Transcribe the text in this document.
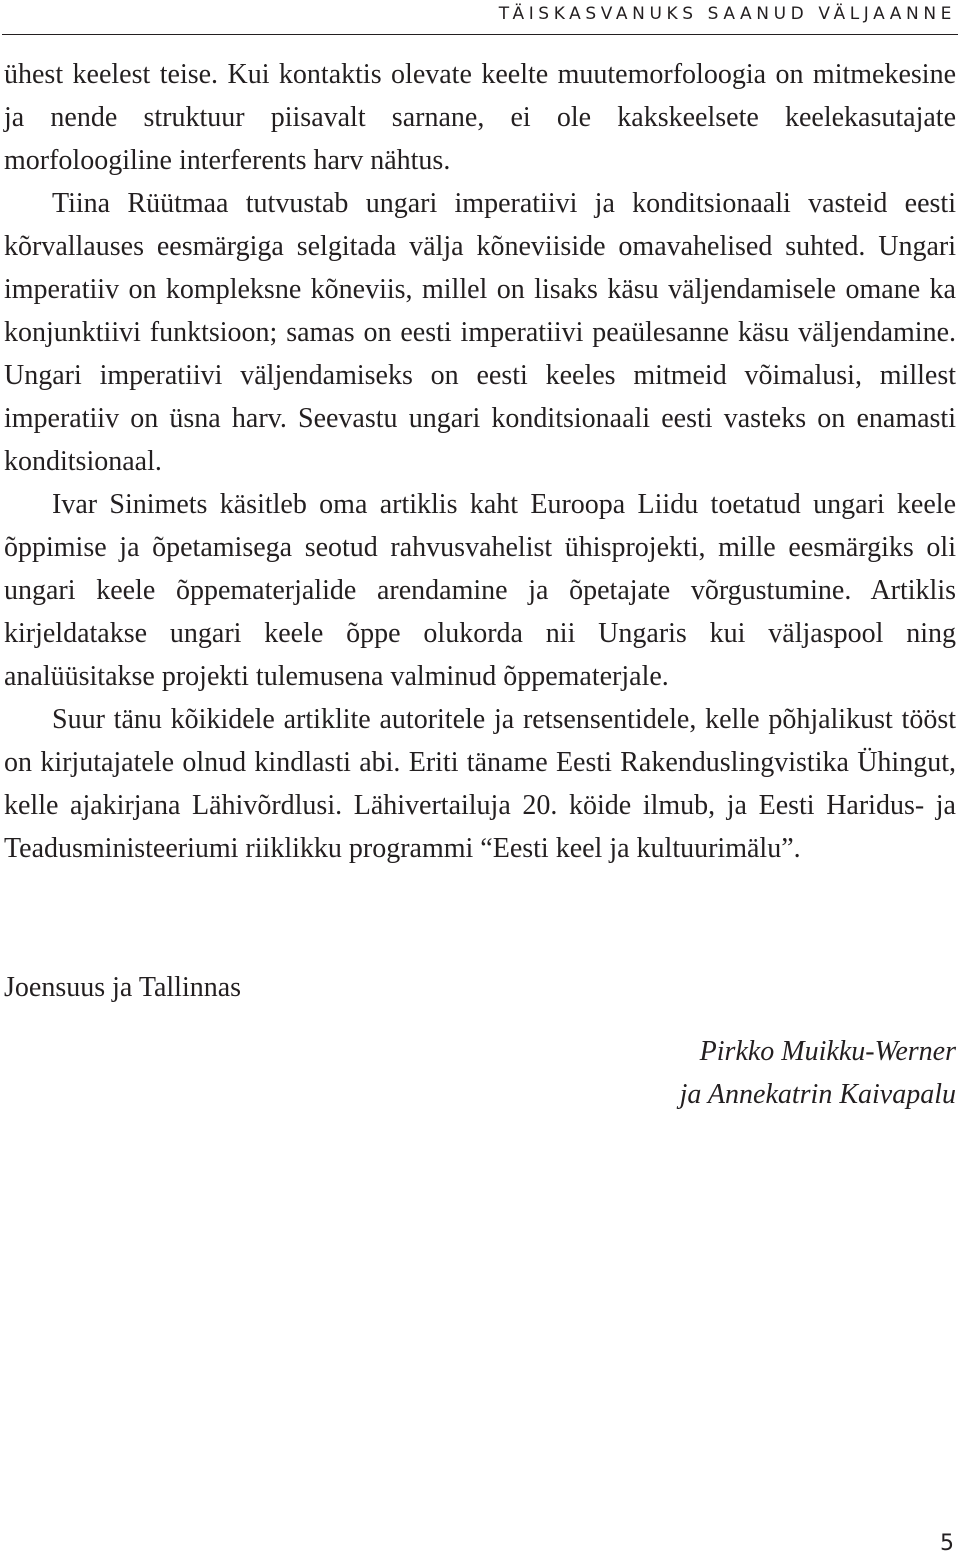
TÄISKASVANUKS SAANUD VÄLJAANNE

ühest keelest teise. Kui kontaktis olevate keelte muutemorfoloogia on mitmekesine ja nende struktuur piisavalt sarnane, ei ole kakskeelsete keelekasutajate morfoloogiline interferents harv nähtus.

Tiina Rüütmaa tutvustab ungari imperatiivi ja konditsionaali vasteid eesti kõrvallauses eesmärgiga selgitada välja kõneviiside omavahelised suhted. Ungari imperatiiv on kompleksne kõneviis, millel on lisaks käsu väljendamisele omane ka konjunktiivi funktsioon; samas on eesti imperatiivi peaülesanne käsu väljendamine. Ungari imperatiivi väljendamiseks on eesti keeles mitmeid võimalusi, millest imperatiiv on üsna harv. Seevastu ungari konditsionaali eesti vasteks on enamasti konditsionaal.

Ivar Sinimets käsitleb oma artiklis kaht Euroopa Liidu toetatud ungari keele õppimise ja õpetamisega seotud rahvusvahelist ühisprojekti, mille eesmärgiks oli ungari keele õppematerjalide arendamine ja õpetajate võrgustumine. Artiklis kirjeldatakse ungari keele õppe olukorda nii Ungaris kui väljaspool ning analüüsitakse projekti tulemusena valminud õppematerjale.

Suur tänu kõikidele artiklite autoritele ja retsensentidele, kelle põhjalikust tööst on kirjutajatele olnud kindlasti abi. Eriti täname Eesti Rakenduslingvistika Ühingut, kelle ajakirjana Lähivõrdlusi. Lähivertailuja 20. köide ilmub, ja Eesti Haridus- ja Teadusministeeriumi riiklikku programmi “Eesti keel ja kultuurimälu”.

Joensuus ja Tallinnas

Pirkko Muikku-Werner
ja Annekatrin Kaivapalu
5
